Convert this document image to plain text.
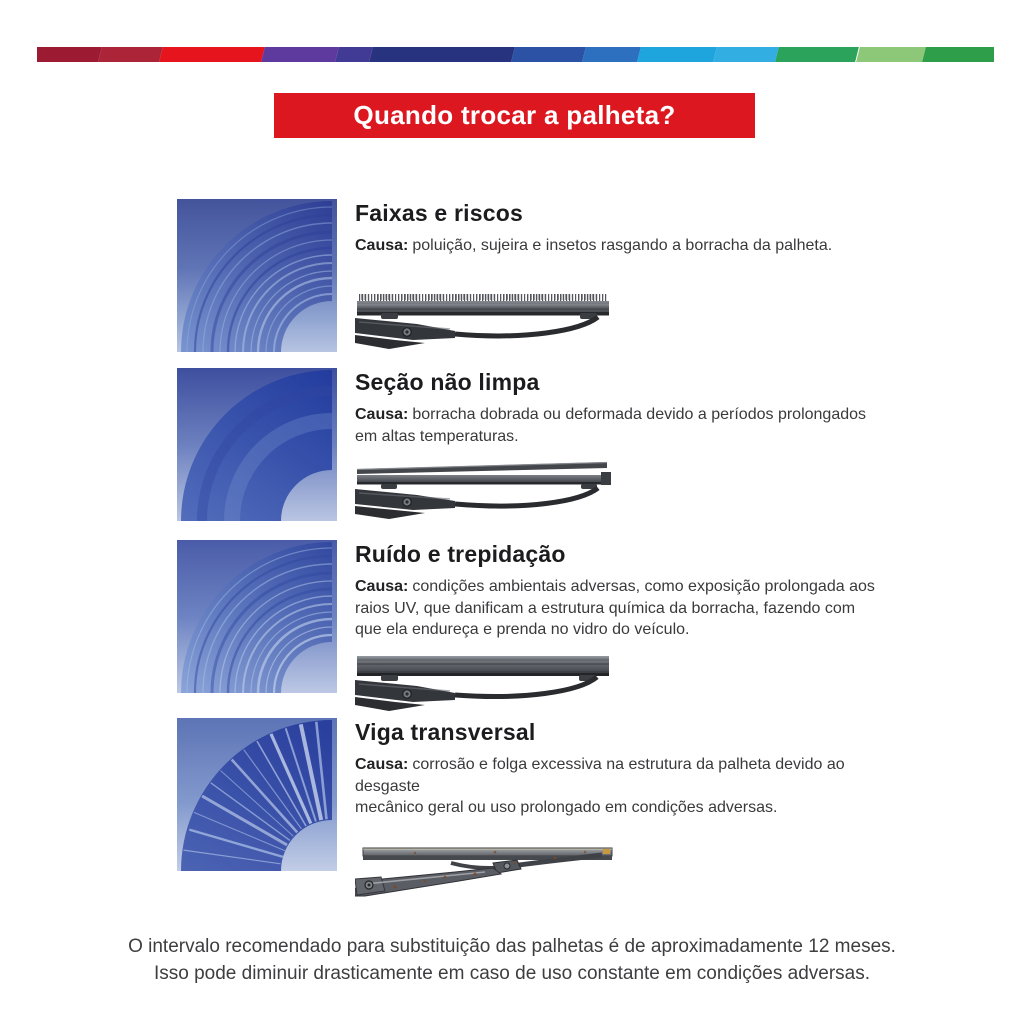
Quando trocar a palheta?
Faixas e riscos

Causa: poluição, sujeira e insetos rasgando a borracha da palheta.

Seção não limpa

Causa: borracha dobrada ou deformada devido a períodos prolongados
em altas temperaturas.

Ruído e trepidação

Causa: condições ambientais adversas, como exposição prolongada aos
raios UV, que danificam a estrutura química da borracha, fazendo com
que ela endureça e prenda no vidro do veículo.

Viga transversal

Causa: corrosão e folga excessiva na estrutura da palheta devido ao desgaste
mecânico geral ou uso prolongado em condições adversas.

O intervalo recomendado para substituição das palhetas é de aproximadamente 12 meses.

Isso pode diminuir drasticamente em caso de uso constante em condições adversas.
